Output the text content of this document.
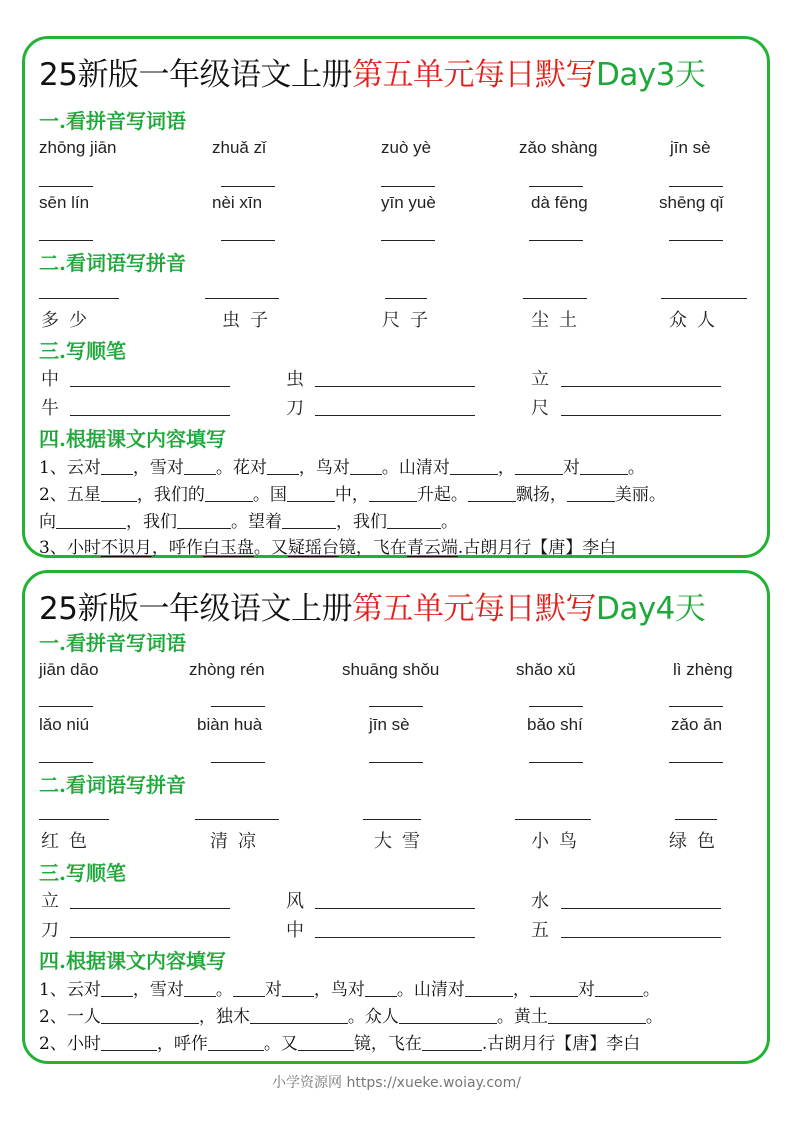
25新版一年级语文上册第五单元每日默写Day3天
一.看拼音写词语
zhōng jiān	zhuǎ zǐ	zuò yè	zǎo shàng	jīn sè
sēn lín	nèi xīn	yīn yuè	dà fēng	shēng qǐ
二.看词语写拼音
多少	虫子	尺子	尘土	众人
三.写顺笔
中	虫	立
牛	刀	尺
四.根据课文内容填写
1、云对 ，雪对 。花对 ，鸟对 。山清对	，	对	。
2、五星 ，我们的	。国	中，	升起。	飘扬，	美丽。
向	，我们	。望着	，我们	。
3、小时不识月，呼作白玉盘。又疑瑶台镜，飞在青云端.古朗月行【唐】李白
25新版一年级语文上册第五单元每日默写Day4天
一.看拼音写词语
jiān dāo	zhòng rén	shuāng shǒu	shǎo xǔ	lì zhèng
lǎo niú	biàn huà	jīn sè	bǎo shí	zǎo ān
二.看词语写拼音
红色	清凉	大雪	小鸟	绿色
三.写顺笔
立	风	水
刀	中	五
四.根据课文内容填写
1、云对 ，雪对 。 对 ，鸟对 。山清对	，	对	。
2、一人	，独木	。众人	。黄土	。
2、小时	，呼作	。又	镜，飞在	.古朗月行【唐】李白
小学资源网 https://xueke.woiay.com/
